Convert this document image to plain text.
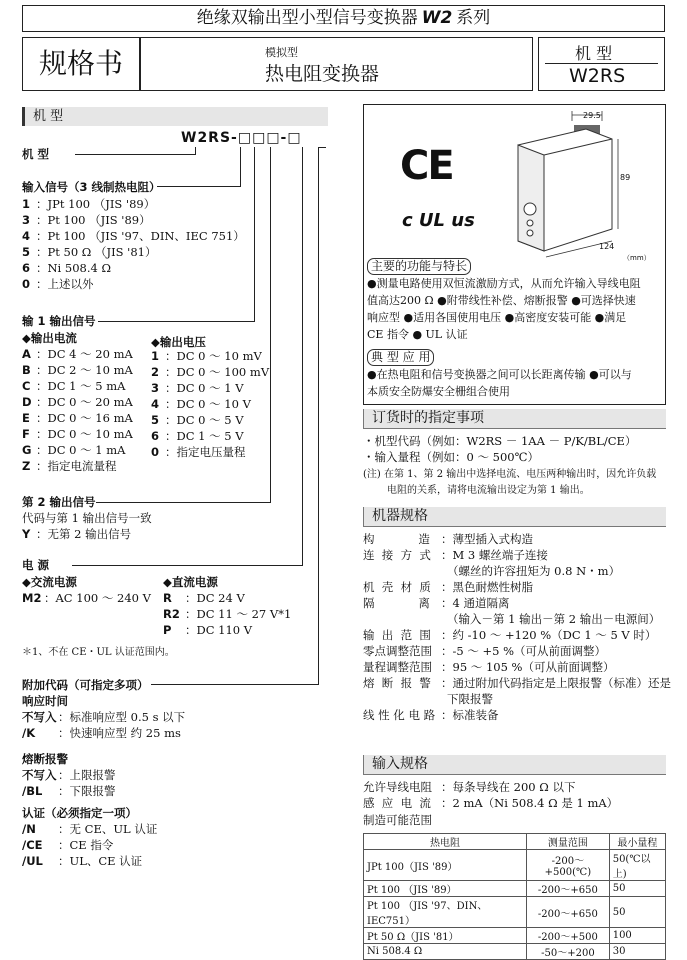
绝缘双输出型小型信号变换器 W2 系列
规格书	模拟型
热电阻变换器
机 型
W2RS
机 型
W2RS-□□□-□
机 型
输入信号（3 线制热电阻）
1 ：JPt 100 （JIS '89）
3 ：Pt 100 （JIS '89）
4 ：Pt 100 （JIS '97、DIN、IEC 751）
5 ：Pt 50 Ω （JIS '81）
6 ：Ni 508.4 Ω
0 ：上述以外
输 1 输出信号
◆输出电流	◆输出电压
A ：DC 4 ～ 20 mA
B ：DC 2 ～ 10 mA
C ：DC 1 ～ 5 mA
D ：DC 0 ～ 20 mA
E ：DC 0 ～ 16 mA
F ：DC 0 ～ 10 mA
G ：DC 0 ～ 1 mA
Z ：指定电流量程
1 ：DC 0 ～ 10 mV
2 ：DC 0 ～ 100 mV
3 ：DC 0 ～ 1 V
4 ：DC 0 ～ 10 V
5 ：DC 0 ～ 5 V
6 ：DC 1 ～ 5 V
0 ：指定电压量程
第 2 输出信号
代码与第 1 输出信号一致
Y ：无第 2 输出信号
电 源
◆交流电源	◆直流电源
M2 ：AC 100 ～ 240 V R ：DC 24 V
R2 ：DC 11 ～ 27 V*1
P ：DC 110 V
＊1、不在 CE・UL 认证范围内。
附加代码（可指定多项）
响应时间
不写入 ：标准响应型 0.5 s 以下
/K ：快速响应型 约 25 ms
熔断报警
不写入 ：上限报警
/BL ：下限报警
认证（必须指定一项）
/N ：无 CE、UL 认证
/CE ：CE 指令
/UL ：UL、CE 认证
CE
c UL us
29.5
89
124
（mm）
主要的功能与特长
●测量电路使用双恒流激励方式，从而允许输入导线电阻
值高达200 Ω ●附带线性补偿、熔断报警 ●可选择快速
响应型 ●适用各国使用电压 ●高密度安装可能 ●满足
CE 指令 ● UL 认证
典 型 应 用
●在热电阻和信号变换器之间可以长距离传输 ●可以与
本质安全防爆安全栅组合使用
订货时的指定事项
・机型代码（例如：W2RS － 1AA － P/K/BL/CE）
・输入量程（例如：0 ～ 500℃）
(注) 在第 1、第 2 输出中选择电流、电压两种输出时，因允许负载
电阻的关系，请将电流输出设定为第 1 输出。
机器规格
构            造 ：薄型插入式构造
连  接  方  式 ：M 3 螺丝端子连接
（螺丝的许容扭矩为 0.8 N・m）
机  壳  材  质 ：黑色耐燃性树脂
隔            离 ：4 通道隔离
（输入－第 1 输出－第 2 输出－电源间）
输  出  范  围 ：约 -10 ～ +120 %（DC 1 ～ 5 V 时）
零点调整范围 ：-5 ～ +5 %（可从前面调整）
量程调整范围 ：95 ～ 105 %（可从前面调整）
熔  断  报  警 ：通过附加代码指定是上限报警（标准）还是
下限报警
线 性 化 电 路 ：标准装备
输入规格
允许导线电阻 ：每条导线在 200 Ω 以下
感  应  电  流 ：2 mA（Ni 508.4 Ω 是 1 mA）
制造可能范围
热电阻	测量范围	最小量程
JPt 100（JIS '89）	-200～+500(℃)	50(℃以上)
Pt 100 （JIS '89）	-200～+650	50
Pt 100 （JIS '97、DIN、IEC751）	-200～+650	50
Pt 50 Ω（JIS '81）	-200～+500	100
Ni 508.4 Ω	-50～+200	30
